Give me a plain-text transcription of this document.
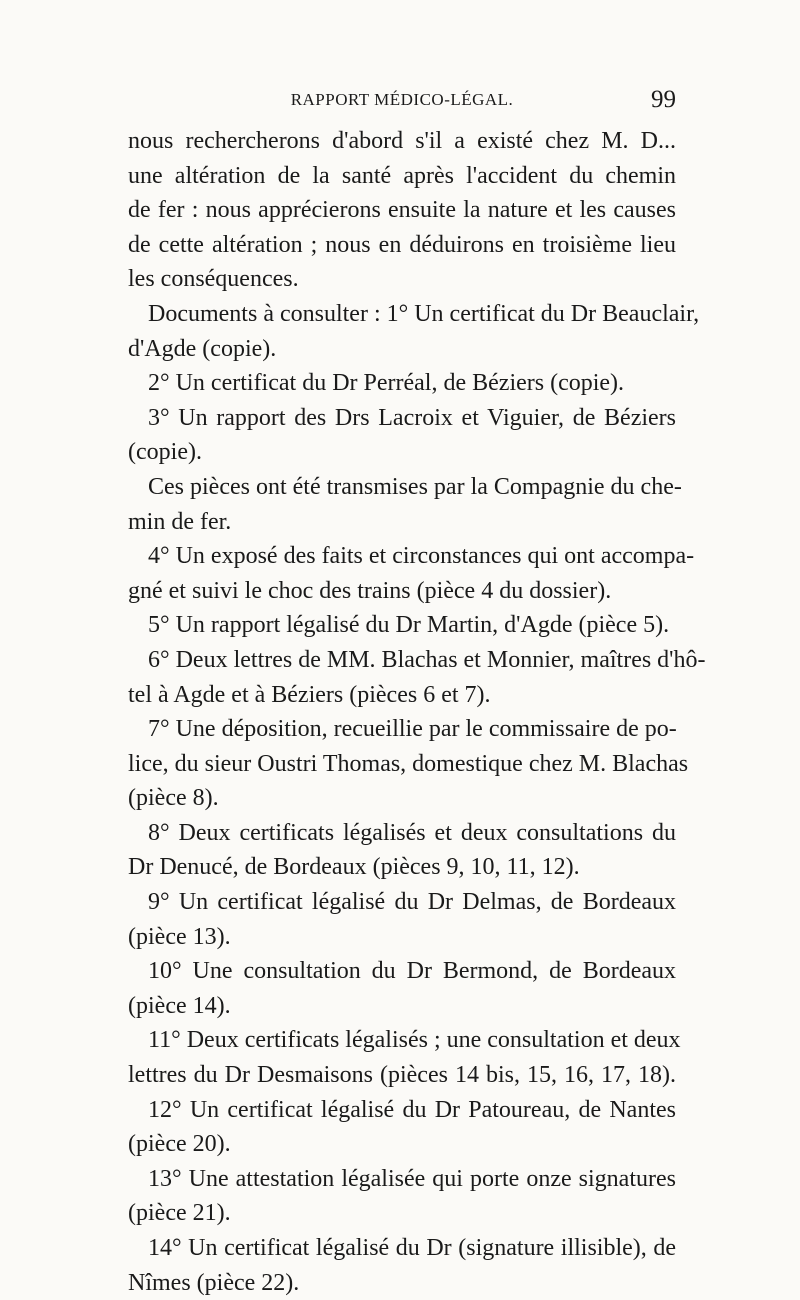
RAPPORT MÉDICO-LÉGAL.	99
nous rechercherons d'abord s'il a existé chez M. D...
une altération de la santé après l'accident du chemin
de fer : nous apprécierons ensuite la nature et les causes
de cette altération ; nous en déduirons en troisième lieu
les conséquences.
Documents à consulter : 1° Un certificat du Dr Beauclair,
d'Agde (copie).
2° Un certificat du Dr Perréal, de Béziers (copie).
3° Un rapport des Drs Lacroix et Viguier, de Béziers
(copie).
Ces pièces ont été transmises par la Compagnie du che-
min de fer.
4° Un exposé des faits et circonstances qui ont accompa-
gné et suivi le choc des trains (pièce 4 du dossier).
5° Un rapport légalisé du Dr Martin, d'Agde (pièce 5).
6° Deux lettres de MM. Blachas et Monnier, maîtres d'hô-
tel à Agde et à Béziers (pièces 6 et 7).
7° Une déposition, recueillie par le commissaire de po-
lice, du sieur Oustri Thomas, domestique chez M. Blachas
(pièce 8).
8° Deux certificats légalisés et deux consultations du
Dr Denucé, de Bordeaux (pièces 9, 10, 11, 12).
9° Un certificat légalisé du Dr Delmas, de Bordeaux
(pièce 13).
10° Une consultation du Dr Bermond, de Bordeaux
(pièce 14).
11° Deux certificats légalisés ; une consultation et deux
lettres du Dr Desmaisons (pièces 14 bis, 15, 16, 17, 18).
12° Un certificat légalisé du Dr Patoureau, de Nantes
(pièce 20).
13° Une attestation légalisée qui porte onze signatures
(pièce 21).
14° Un certificat légalisé du Dr (signature illisible), de
Nîmes (pièce 22).
